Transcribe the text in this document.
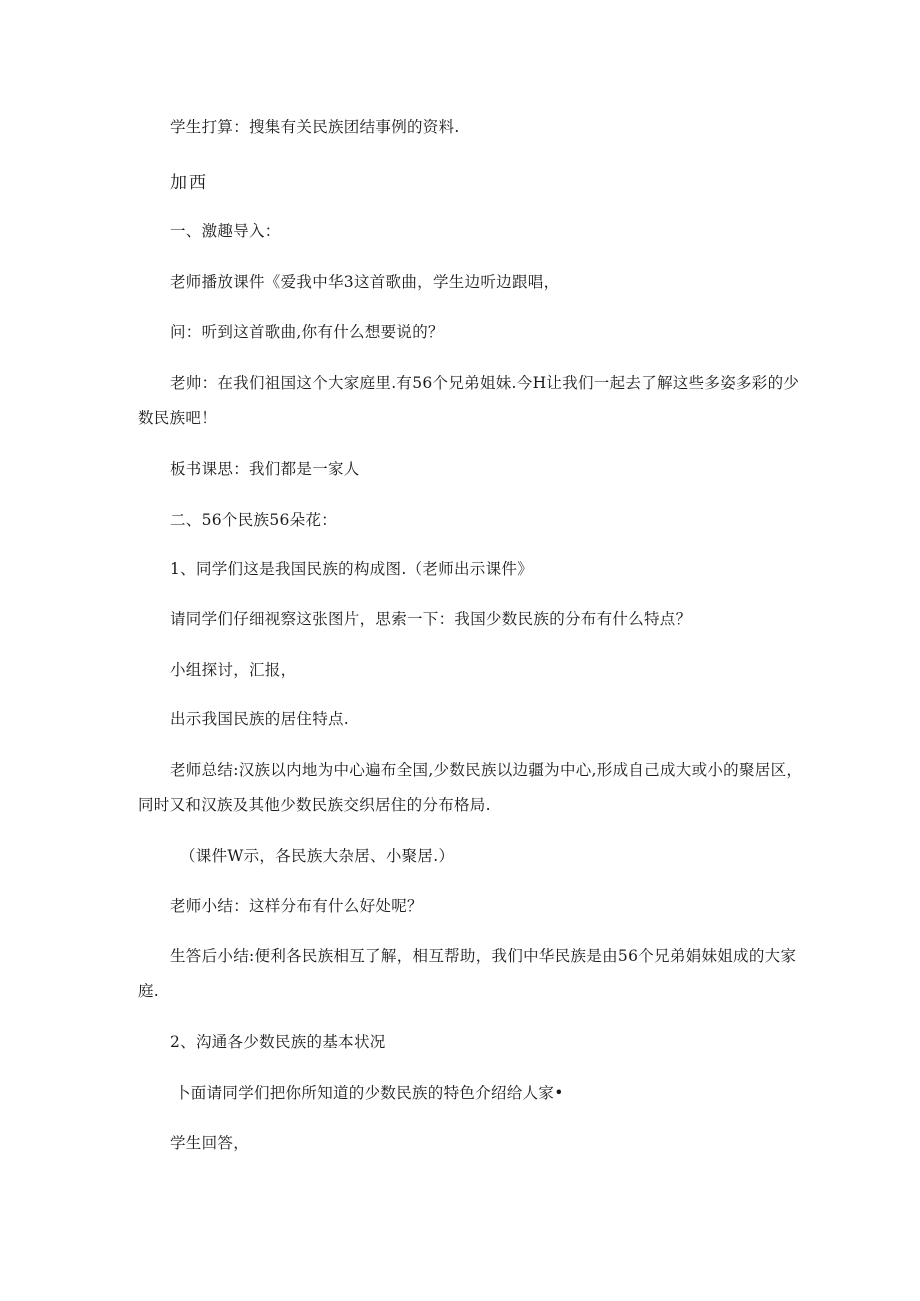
学生打算：搜集有关民族团结事例的资料.
加西
一、激趣导入：
老师播放课件《爱我中华3这首歌曲，学生边听边跟唱，
问：听到这首歌曲,你有什么想要说的？
老帅：在我们祖国这个大家庭里.有56个兄弟姐妹.今H让我们一起去了解这些多姿多彩的少
数民族吧！
板书课思：我们都是一家人
二、56个民族56朵花：
1、同学们这是我国民族的构成图.（老师出示课件》
请同学们仔细视察这张图片，思索一下：我国少数民族的分布有什么特点？
小组探讨，汇报，
出示我国民族的居住特点.
老师总结:汉族以内地为中心遍布全国,少数民族以边疆为中心,形成自己成大或小的聚居区，
同时又和汉族及其他少数民族交织居住的分布格局.
（课件W示，各民族大杂居、小聚居.）
老师小结：这样分布有什么好处呢？
生答后小结:便利各民族相互了解，相互帮助，我们中华民族是由56个兄弟娟妹姐成的大家
庭.
2、沟通各少数民族的基本状况
卜面请同学们把你所知道的少数民族的特色介绍给人家•
学生回答，
